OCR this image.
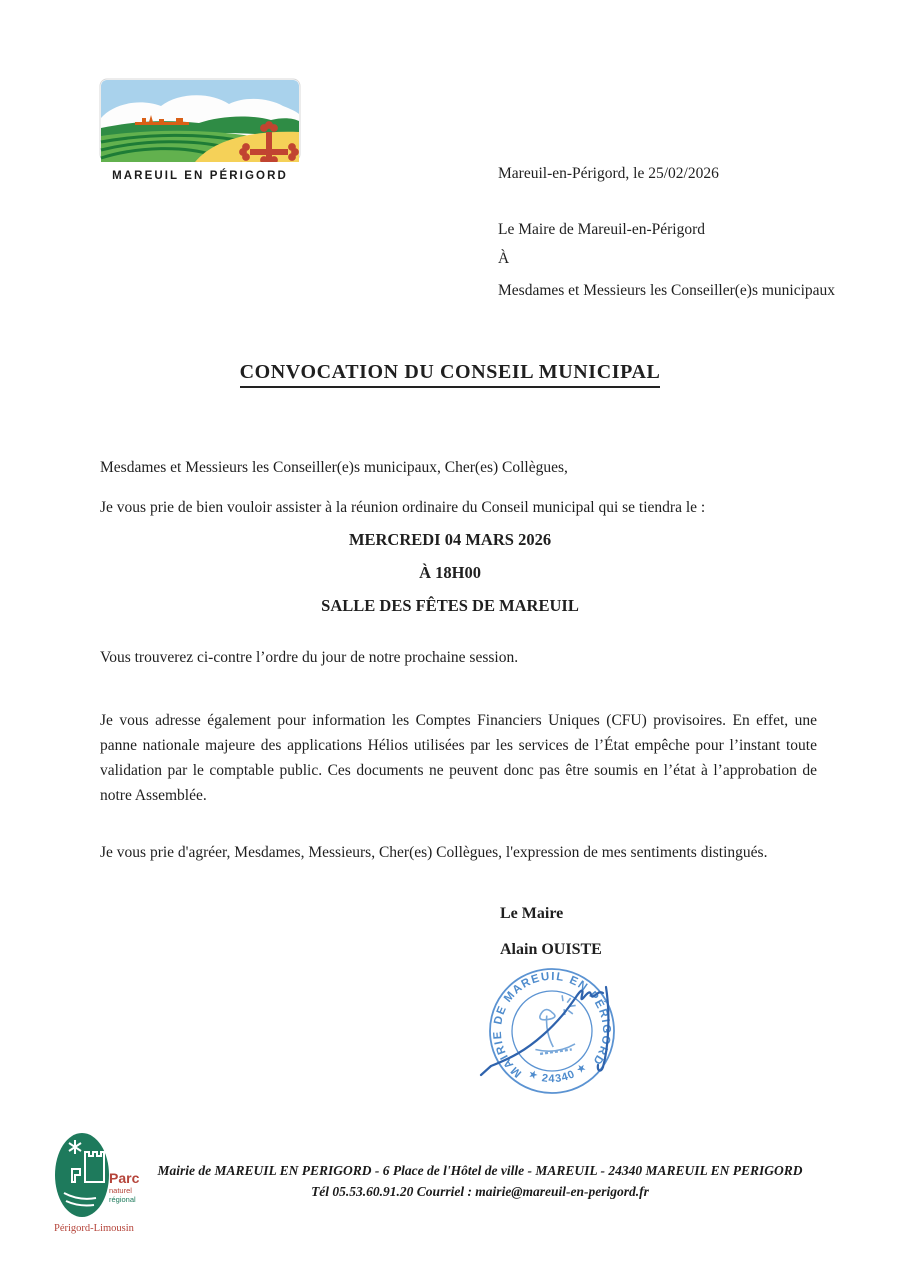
MAREUIL EN PÉRIGORD	Mareuil-en-Périgord, le 25/02/2026
Le Maire de Mareuil-en-Périgord
À
Mesdames et Messieurs les Conseiller(e)s municipaux
CONVOCATION DU CONSEIL MUNICIPAL
Mesdames et Messieurs les Conseiller(e)s municipaux, Cher(es) Collègues,
Je vous prie de bien vouloir assister à la réunion ordinaire du Conseil municipal qui se tiendra le :
MERCREDI 04 MARS 2026
À 18H00
SALLE DES FÊTES DE MAREUIL
Vous trouverez ci-contre l’ordre du jour de notre prochaine session.
Je vous adresse également pour information les Comptes Financiers Uniques (CFU) provisoires. En effet, une panne nationale majeure des applications Hélios utilisées par les services de l’État empêche pour l’instant toute validation par le comptable public. Ces documents ne peuvent donc pas être soumis en l’état à l’approbation de notre Assemblée.
Je vous prie d'agréer, Mesdames, Messieurs, Cher(es) Collègues, l'expression de mes sentiments distingués.
Le Maire
Alain OUISTE
MAIRIE DE MAREUIL EN PÉRIGORD
★ 24340 ★
Parc
naturel
régional
Périgord-Limousin
Mairie de MAREUIL EN PERIGORD - 6 Place de l'Hôtel de ville - MAREUIL - 24340 MAREUIL EN PERIGORD
Tél 05.53.60.91.20 Courriel : mairie@mareuil-en-perigord.fr
